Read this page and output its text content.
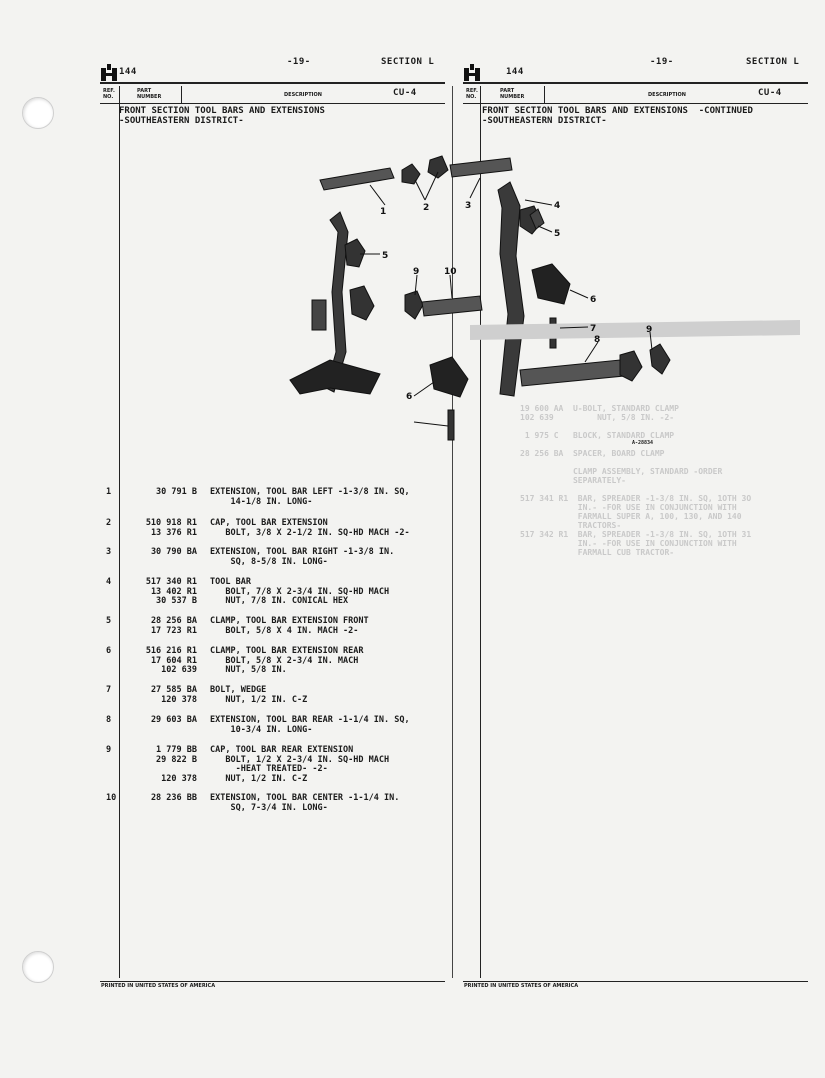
19 600 AA  U-BOLT, STANDARD CLAMP
102 639         NUT, 5/8 IN. -2-

1 975 C   BLOCK, STANDARD CLAMP

28 256 BA  SPACER, BOARD CLAMP

CLAMP ASSEMBLY, STANDARD -ORDER
SEPARATELY-

517 341 R1  BAR, SPREADER -1-3/8 IN. SQ, 1OTH 3O
IN.- -FOR USE IN CONJUNCTION WITH
FARMALL SUPER A, 100, 130, AND 140
TRACTORS-
517 342 R1  BAR, SPREADER -1-3/8 IN. SQ, 1OTH 31
IN.- -FOR USE IN CONJUNCTION WITH
FARMALL CUB TRACTOR-
144
-19-	SECTION L
CU-4
REF.
NO.
PART
NUMBER	DESCRIPTION
144
-19-	SECTION L
CU-4
REF.
NO.
PART
NUMBER	DESCRIPTION
FRONT SECTION TOOL BARS AND EXTENSIONS
-SOUTHEASTERN DISTRICT-
FRONT SECTION TOOL BARS AND EXTENSIONS  -CONTINUED
-SOUTHEASTERN DISTRICT-
1	2	3	4
5
6
7
8
9
10
5
9
6
A-28834
1	30 791 B EXTENSION, TOOL BAR LEFT -1-3/8 IN. SQ,
14-1/8 IN. LONG-
2	510 918 R1 CAP, TOOL BAR EXTENSION
13 376 R1 BOLT, 3/8 X 2-1/2 IN. SQ-HD MACH -2-
3	30 790 BA EXTENSION, TOOL BAR RIGHT -1-3/8 IN.
SQ, 8-5/8 IN. LONG-
4	517 340 R1 TOOL BAR
13 402 R1 BOLT, 7/8 X 2-3/4 IN. SQ-HD MACH
30 537 B NUT, 7/8 IN. CONICAL HEX
5	28 256 BA CLAMP, TOOL BAR EXTENSION FRONT
17 723 R1 BOLT, 5/8 X 4 IN. MACH -2-
6	516 216 R1 CLAMP, TOOL BAR EXTENSION REAR
17 604 R1 BOLT, 5/8 X 2-3/4 IN. MACH
102 639 NUT, 5/8 IN.
7	27 585 BA BOLT, WEDGE
120 378 NUT, 1/2 IN. C-Z
8	29 603 BA EXTENSION, TOOL BAR REAR -1-1/4 IN. SQ,
10-3/4 IN. LONG-
9	1 779 BB CAP, TOOL BAR REAR EXTENSION
29 822 B BOLT, 1/2 X 2-3/4 IN. SQ-HD MACH
-HEAT TREATED- -2-
120 378 NUT, 1/2 IN. C-Z
10	28 236 BB EXTENSION, TOOL BAR CENTER -1-1/4 IN.
SQ, 7-3/4 IN. LONG-
PRINTED IN UNITED STATES OF AMERICA	PRINTED IN UNITED STATES OF AMERICA
